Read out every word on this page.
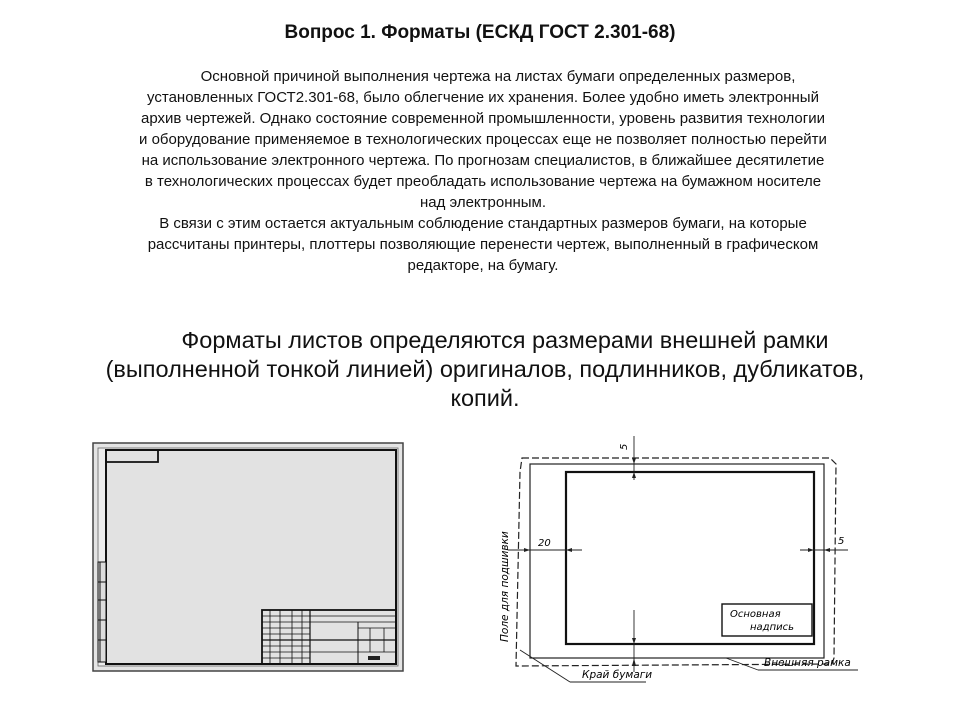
Вопрос 1. Форматы (ЕСКД ГОСТ 2.301-68)

Основной причиной выполнения чертежа на листах бумаги определенных размеров,

установленных ГОСТ2.301-68, было облегчение их хранения. Более удобно иметь электронный

архив чертежей. Однако состояние современной промышленности, уровень развития технологии

и оборудование применяемое в технологических процессах еще не позволяет полностью перейти

на использование электронного чертежа. По прогнозам специалистов, в ближайшее десятилетие

в технологических процессах будет преобладать использование чертежа на бумажном носителе

над электронным.

В связи с этим остается актуальным соблюдение стандартных размеров бумаги, на которые

рассчитаны принтеры, плоттеры позволяющие перенести чертеж, выполненный в графическом

редакторе, на бумагу.

Форматы листов определяются размерами внешней рамки

(выполненной тонкой линией) оригиналов, подлинников, дубликатов,

копий.

5
20	5
Поле для подшивки	Основная
надпись
Край бумаги
Внешняя рамка
